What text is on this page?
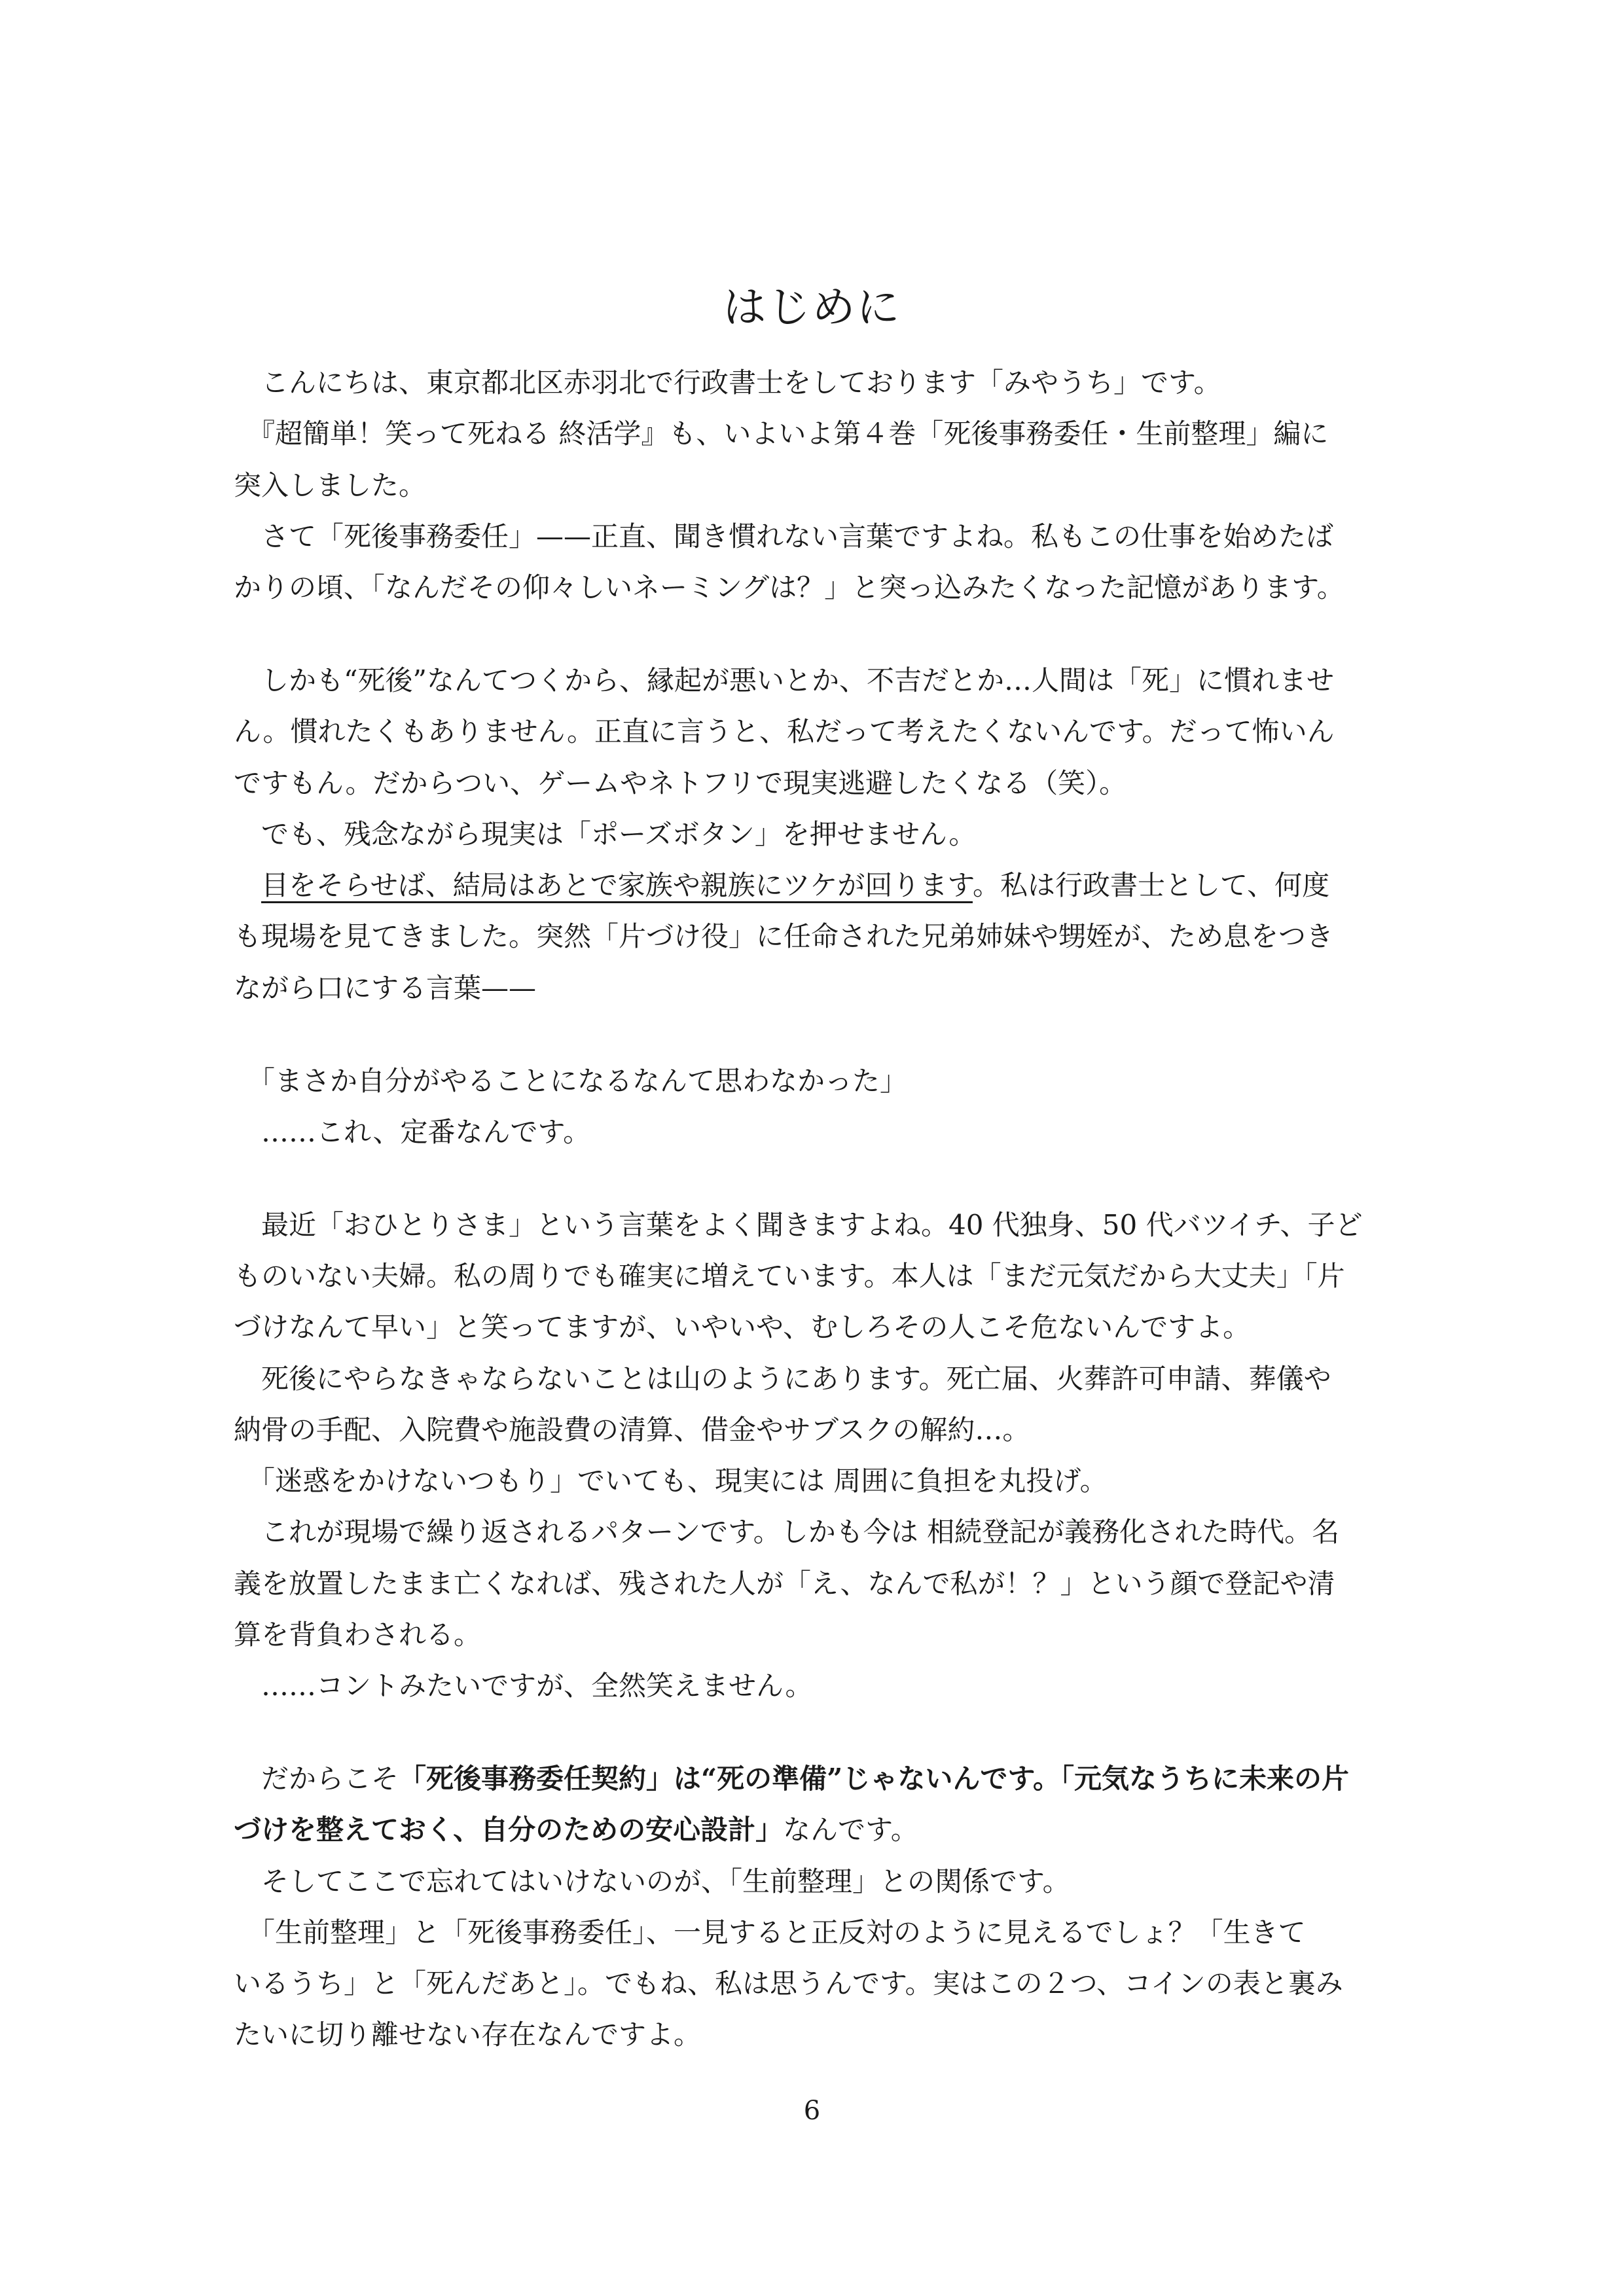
はじめに
　こんにちは、東京都北区赤羽北で行政書士をしております「みやうち」です。
　『超簡単！笑って死ねる 終活学』も、いよいよ第４巻「死後事務委任・生前整理」編に
突入しました。
　さて「死後事務委任」——正直、聞き慣れない言葉ですよね。私もこの仕事を始めたば
かりの頃、「なんだその仰々しいネーミングは？」と突っ込みたくなった記憶があります。
　しかも“死後”なんてつくから、縁起が悪いとか、不吉だとか…人間は「死」に慣れませ
ん。慣れたくもありません。正直に言うと、私だって考えたくないんです。だって怖いん
ですもん。だからつい、ゲームやネトフリで現実逃避したくなる（笑）。
　でも、残念ながら現実は「ポーズボタン」を押せません。
　目をそらせば、結局はあとで家族や親族にツケが回ります。私は行政書士として、何度
も現場を見てきました。突然「片づけ役」に任命された兄弟姉妹や甥姪が、ため息をつき
ながら口にする言葉——
　「まさか自分がやることになるなんて思わなかった」
　……これ、定番なんです。
　最近「おひとりさま」という言葉をよく聞きますよね。40 代独身、50 代バツイチ、子ど
ものいない夫婦。私の周りでも確実に増えています。本人は「まだ元気だから大丈夫」「片
づけなんて早い」と笑ってますが、いやいや、むしろその人こそ危ないんですよ。
　死後にやらなきゃならないことは山のようにあります。死亡届、火葬許可申請、葬儀や
納骨の手配、入院費や施設費の清算、借金やサブスクの解約…。
　「迷惑をかけないつもり」でいても、現実には 周囲に負担を丸投げ。
　これが現場で繰り返されるパターンです。しかも今は 相続登記が義務化された時代。名
義を放置したまま亡くなれば、残された人が「え、なんで私が！？」という顔で登記や清
算を背負わされる。
　……コントみたいですが、全然笑えません。
　だからこそ「死後事務委任契約」は“死の準備”じゃないんです。「元気なうちに未来の片
づけを整えておく、自分のための安心設計」なんです。
　そしてここで忘れてはいけないのが、「生前整理」との関係です。
　「生前整理」と「死後事務委任」、一見すると正反対のように見えるでしょ？「生きて
いるうち」と「死んだあと」。でもね、私は思うんです。実はこの２つ、コインの表と裏み
たいに切り離せない存在なんですよ。
6
